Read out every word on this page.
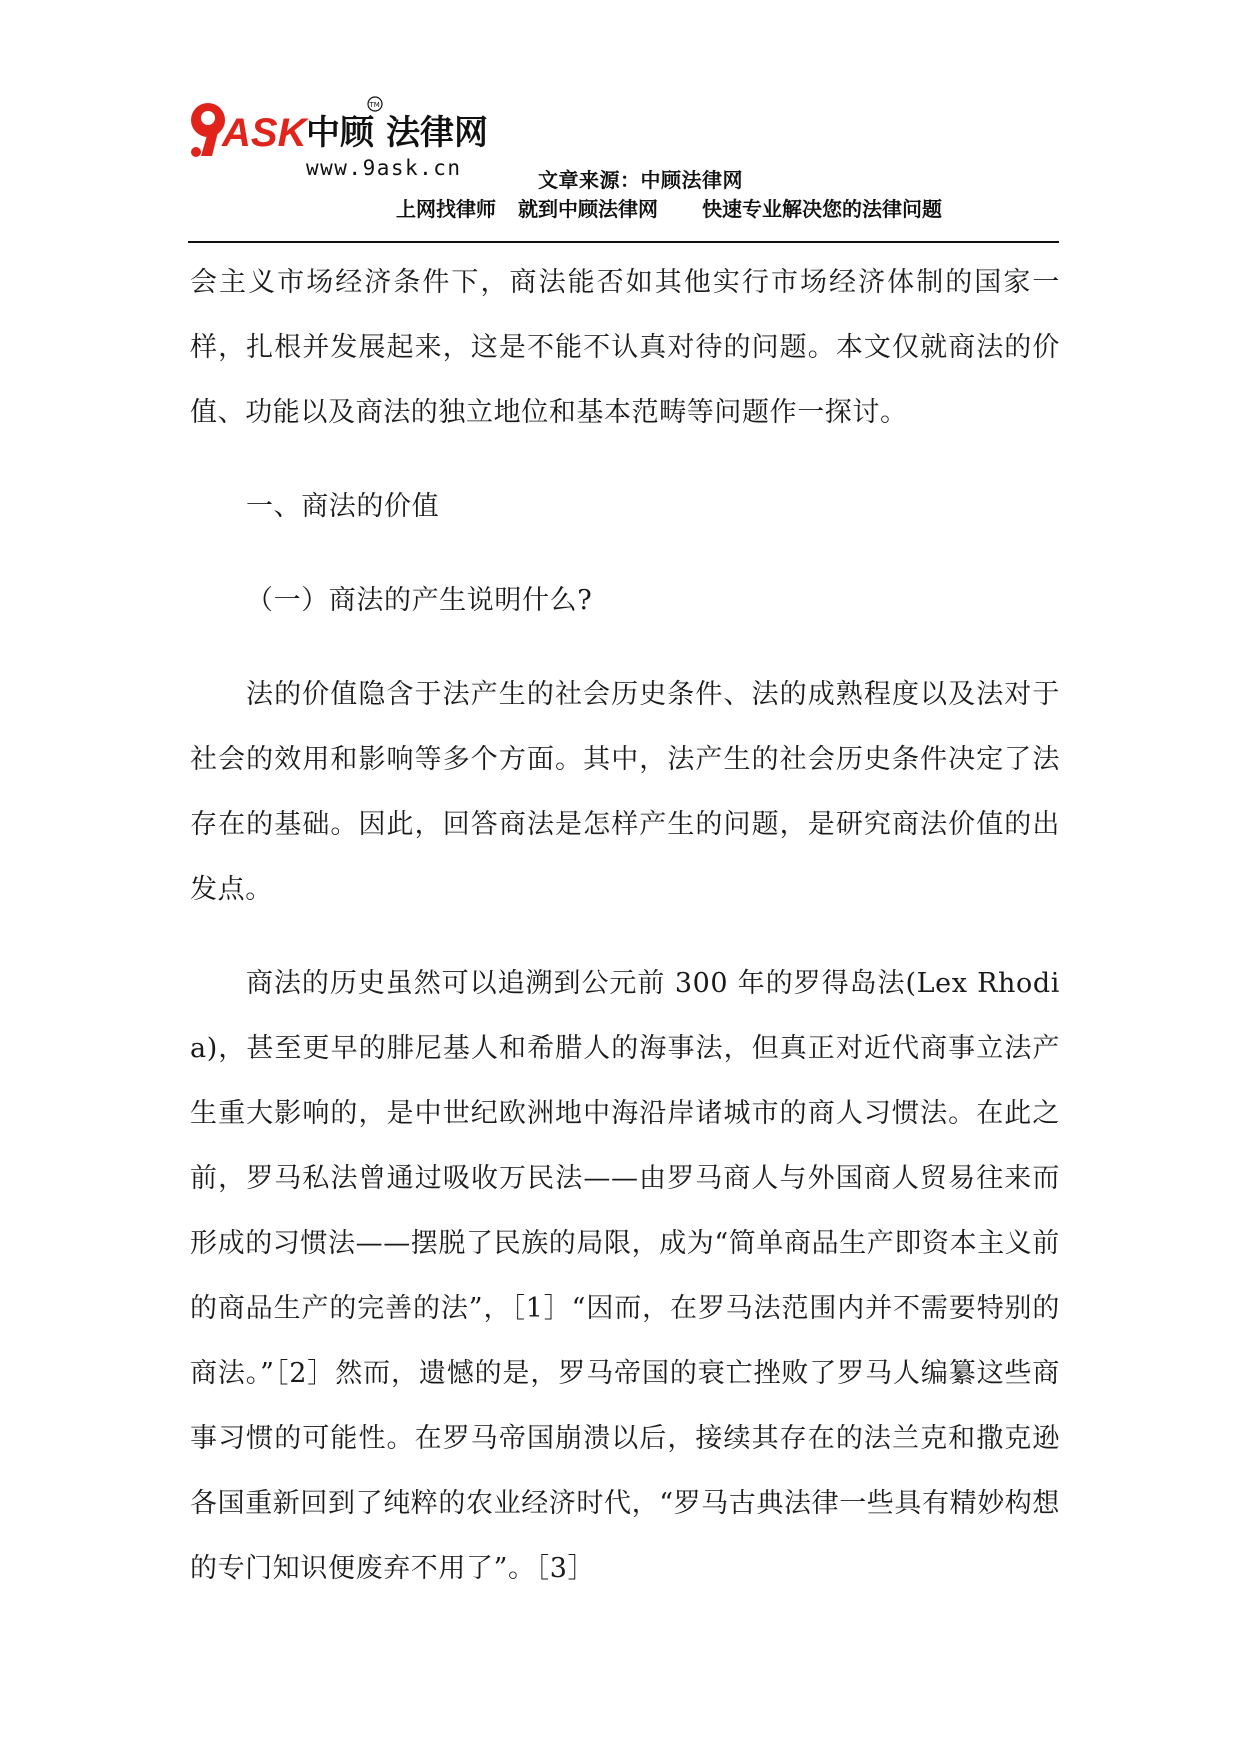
ASK 中顾 法律网
TM
www.9ask.cn	文章来源：中顾法律网
上网找律师 就到中顾法律网 快速专业解决您的法律问题

会主义市场经济条件下，商法能否如其他实行市场经济体制的国家一样，扎根并发展起来，这是不能不认真对待的问题。本文仅就商法的价值、功能以及商法的独立地位和基本范畴等问题作一探讨。

一、商法的价值

（一）商法的产生说明什么?

法的价值隐含于法产生的社会历史条件、法的成熟程度以及法对于社会的效用和影响等多个方面。其中，法产生的社会历史条件决定了法存在的基础。因此，回答商法是怎样产生的问题，是研究商法价值的出发点。

商法的历史虽然可以追溯到公元前 300 年的罗得岛法(Lex Rhodia)，甚至更早的腓尼基人和希腊人的海事法，但真正对近代商事立法产生重大影响的，是中世纪欧洲地中海沿岸诸城市的商人习惯法。在此之前，罗马私法曾通过吸收万民法——由罗马商人与外国商人贸易往来而形成的习惯法——摆脱了民族的局限，成为“简单商品生产即资本主义前的商品生产的完善的法”，［1］“因而，在罗马法范围内并不需要特别的商法。”［2］然而，遗憾的是，罗马帝国的衰亡挫败了罗马人编纂这些商事习惯的可能性。在罗马帝国崩溃以后，接续其存在的法兰克和撒克逊各国重新回到了纯粹的农业经济时代，“罗马古典法律一些具有精妙构想的专门知识便废弃不用了”。［3］
